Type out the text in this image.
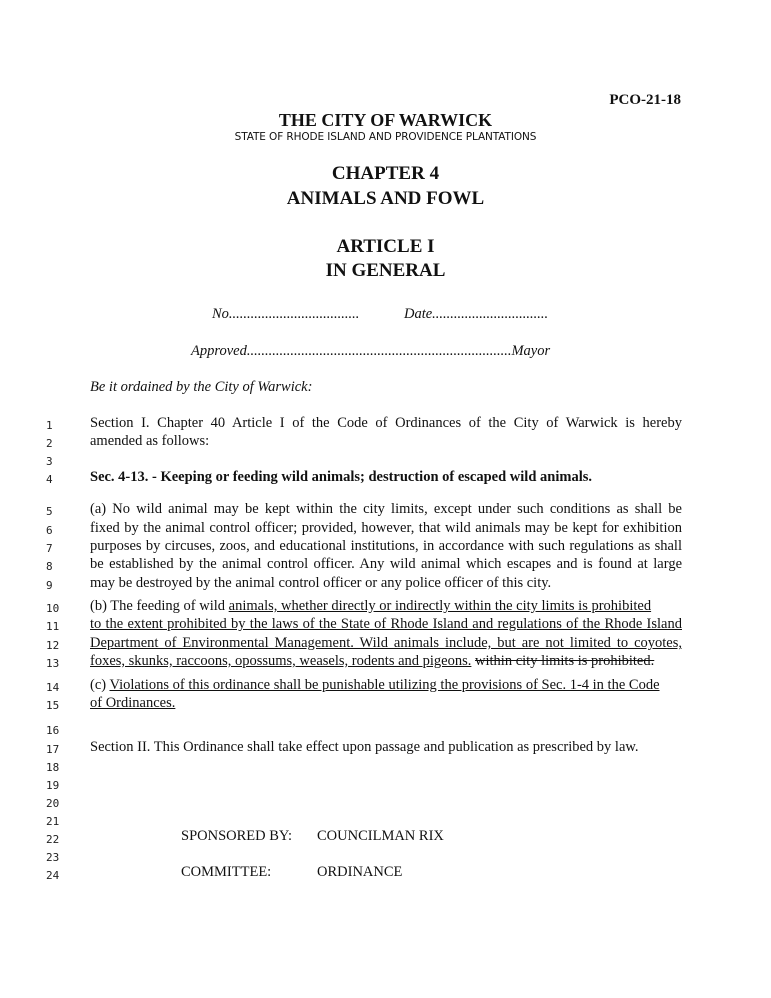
PCO-21-18
THE CITY OF WARWICK
STATE OF RHODE ISLAND AND PROVIDENCE PLANTATIONS
CHAPTER 4
ANIMALS AND FOWL
ARTICLE I
IN GENERAL
No....................................	Date................................
Approved.........................................................................Mayor
Be it ordained by the City of Warwick:
1
2
3
4
5
6
7
8
9
10
11
12
13
14
15
16
17
18
19
20
21
22
23
24
Section I. Chapter 40 Article I of the Code of Ordinances of the City of Warwick is hereby
amended as follows:
Sec. 4-13. - Keeping or feeding wild animals; destruction of escaped wild animals.
(a) No wild animal may be kept within the city limits, except under such conditions as shall be
fixed by the animal control officer; provided, however, that wild animals may be kept for exhibition
purposes by circuses, zoos, and educational institutions, in accordance with such regulations as shall
be established by the animal control officer. Any wild animal which escapes and is found at large
may be destroyed by the animal control officer or any police officer of this city.
(b) The feeding of wild animals, whether directly or indirectly within the city limits is prohibited
to the extent prohibited by the laws of the State of Rhode Island and regulations of the Rhode Island
Department of Environmental Management. Wild animals include, but are not limited to coyotes,
foxes, skunks, raccoons, opossums, weasels, rodents and pigeons. within city limits is prohibited.
(c) Violations of this ordinance shall be punishable utilizing the provisions of Sec. 1-4 in the Code
of Ordinances.
Section II. This Ordinance shall take effect upon passage and publication as prescribed by law.
SPONSORED BY: COUNCILMAN RIX
COMMITTEE:	ORDINANCE
